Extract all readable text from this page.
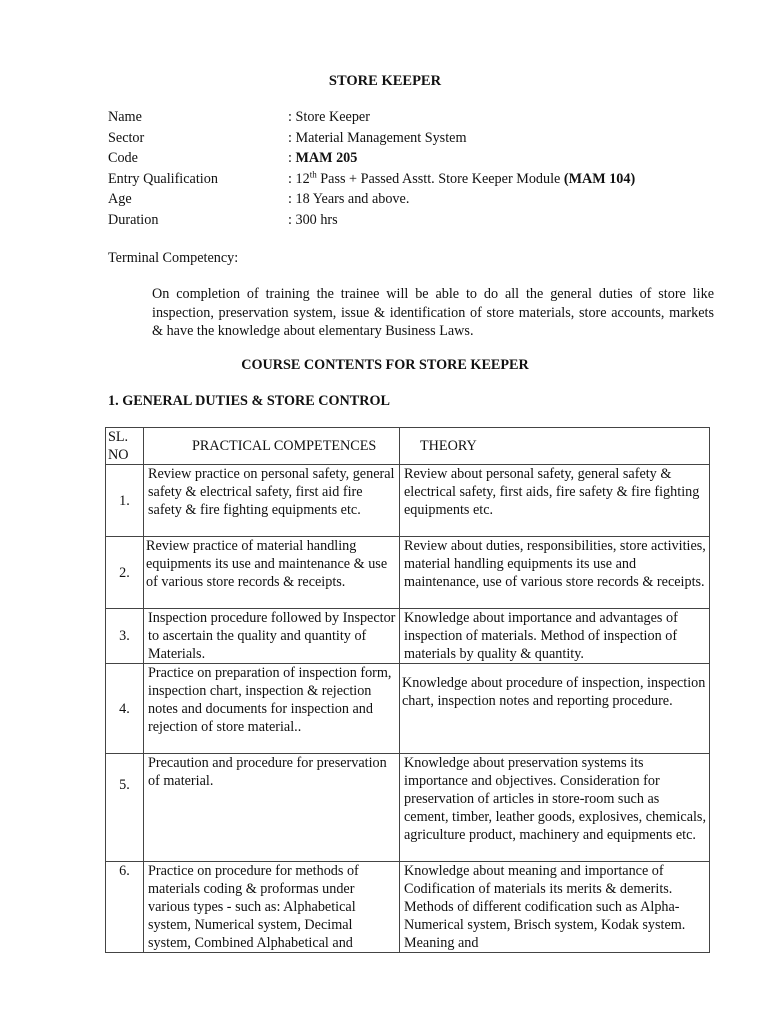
STORE KEEPER
Name	: Store Keeper
Sector	: Material Management System
Code	: MAM 205
Entry Qualification	: 12th Pass + Passed Asstt. Store Keeper Module (MAM 104)
Age	: 18 Years and above.
Duration	: 300 hrs
Terminal Competency:
On completion of training the trainee will be able to do all the general duties of store like inspection, preservation system, issue & identification of store materials, store accounts, markets & have the knowledge about elementary Business Laws.
COURSE CONTENTS FOR STORE KEEPER
1. GENERAL DUTIES & STORE CONTROL
SL. NO	PRACTICAL COMPETENCES	THEORY
1.	Review practice on personal safety, general safety & electrical safety, first aid fire safety & fire fighting equipments etc.	Review about personal safety, general safety & electrical safety, first aids, fire safety & fire fighting equipments etc.
2.	Review practice of material handling equipments its use and maintenance & use of various store records & receipts.	Review about duties, responsibilities, store activities, material handling equipments its use and maintenance, use of various store records & receipts.
3.	Inspection procedure followed by Inspector to ascertain the quality and quantity of Materials.	Knowledge about importance and advantages of inspection of materials. Method of inspection of materials by quality & quantity.
4.	Practice on preparation of inspection form, inspection chart, inspection & rejection notes and documents for inspection and rejection of store material..	Knowledge about procedure of inspection, inspection chart, inspection notes and reporting procedure.
5.	Precaution and procedure for preservation of material.	Knowledge about preservation systems its importance and objectives. Consideration for preservation of articles in store-room such as cement, timber, leather goods, explosives, chemicals, agriculture product, machinery and equipments etc.
6.	Practice on procedure for methods of materials coding & proformas under various types - such as: Alphabetical system, Numerical system, Decimal system, Combined Alphabetical and	Knowledge about meaning and importance of Codification of materials its merits & demerits. Methods of different codification such as Alpha-Numerical system, Brisch system, Kodak system. Meaning and
